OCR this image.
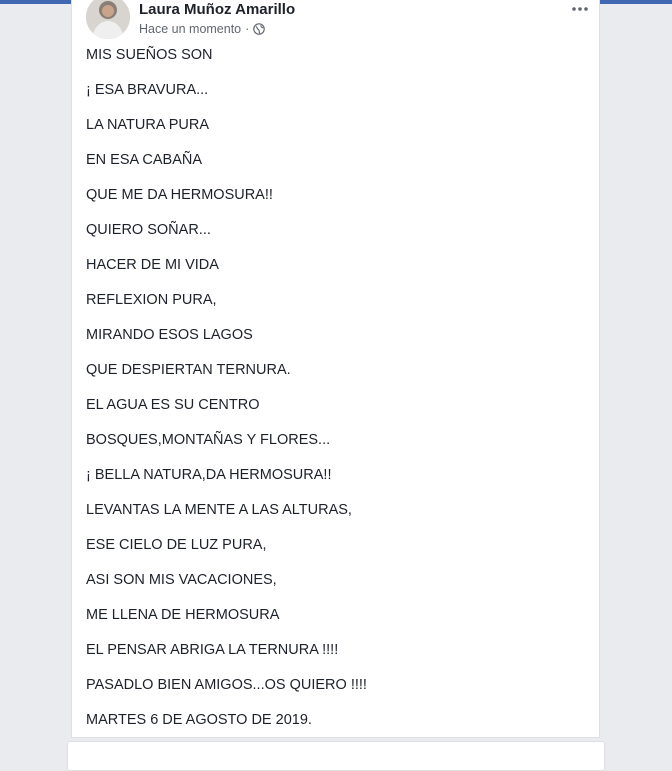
Laura Muñoz Amarillo
Hace un momento ·
MIS SUEÑOS SON
¡ ESA BRAVURA...
LA NATURA PURA
EN ESA CABAÑA
QUE ME DA HERMOSURA!!
QUIERO SOÑAR...
HACER DE MI VIDA
REFLEXION PURA,
MIRANDO ESOS LAGOS
QUE DESPIERTAN TERNURA.
EL AGUA ES SU CENTRO
BOSQUES,MONTAÑAS Y FLORES...
¡ BELLA NATURA,DA HERMOSURA!!
LEVANTAS LA MENTE A LAS ALTURAS,
ESE CIELO DE LUZ PURA,
ASI SON MIS VACACIONES,
ME LLENA DE HERMOSURA
EL PENSAR ABRIGA LA TERNURA !!!!
PASADLO BIEN AMIGOS...OS QUIERO !!!!
MARTES 6 DE AGOSTO DE 2019.
